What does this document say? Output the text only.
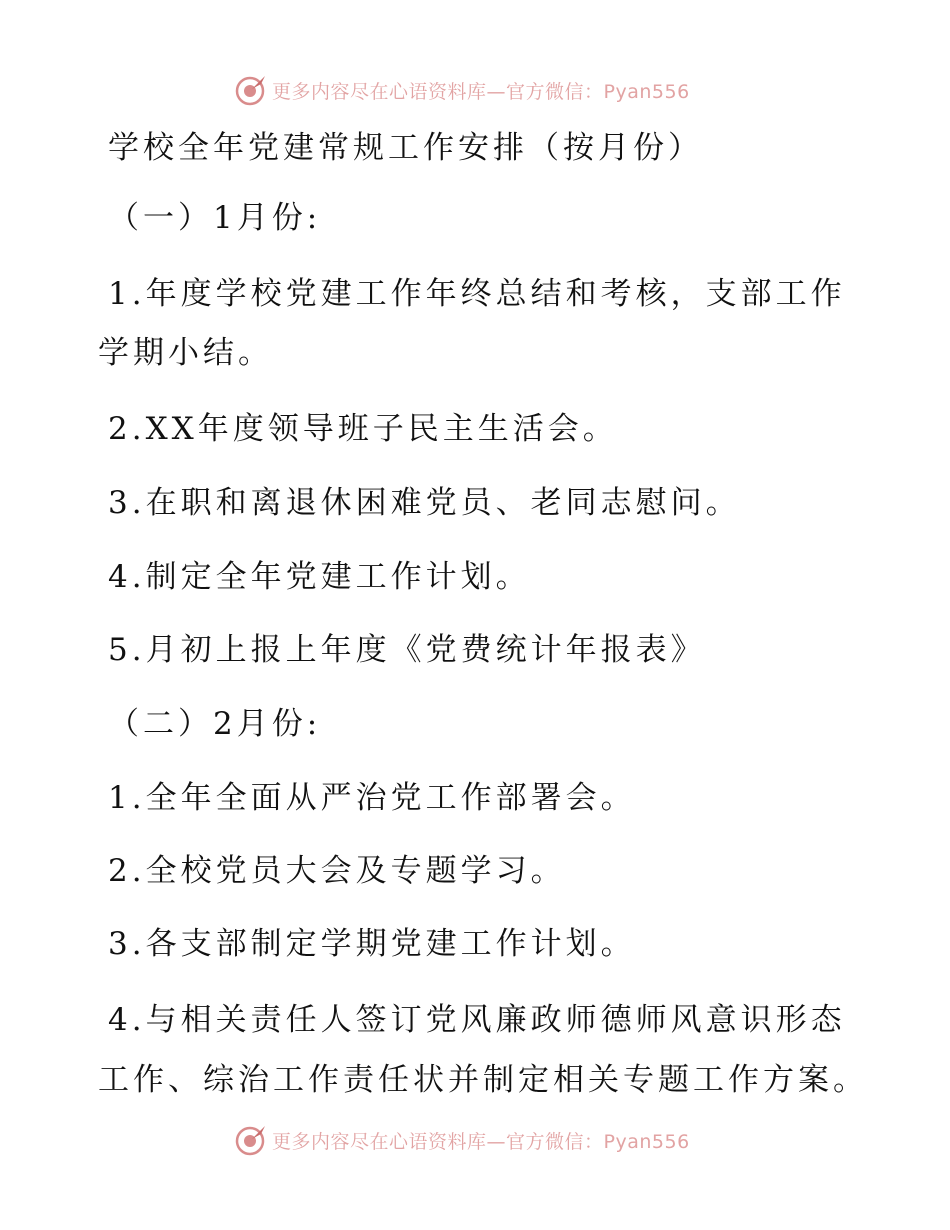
更多内容尽在心语资料库—官方微信：Pyan556
学校全年党建常规工作安排（按月份）
（一）1月份:
1.年度学校党建工作年终总结和考核，支部工作
学期小结。
2.XX年度领导班子民主生活会。
3.在职和离退休困难党员、老同志慰问。
4.制定全年党建工作计划。
5.月初上报上年度《党费统计年报表》
（二）2月份:
1.全年全面从严治党工作部署会。
2.全校党员大会及专题学习。
3.各支部制定学期党建工作计划。
4.与相关责任人签订党风廉政师德师风意识形态
工作、综治工作责任状并制定相关专题工作方案。
更多内容尽在心语资料库—官方微信：Pyan556
